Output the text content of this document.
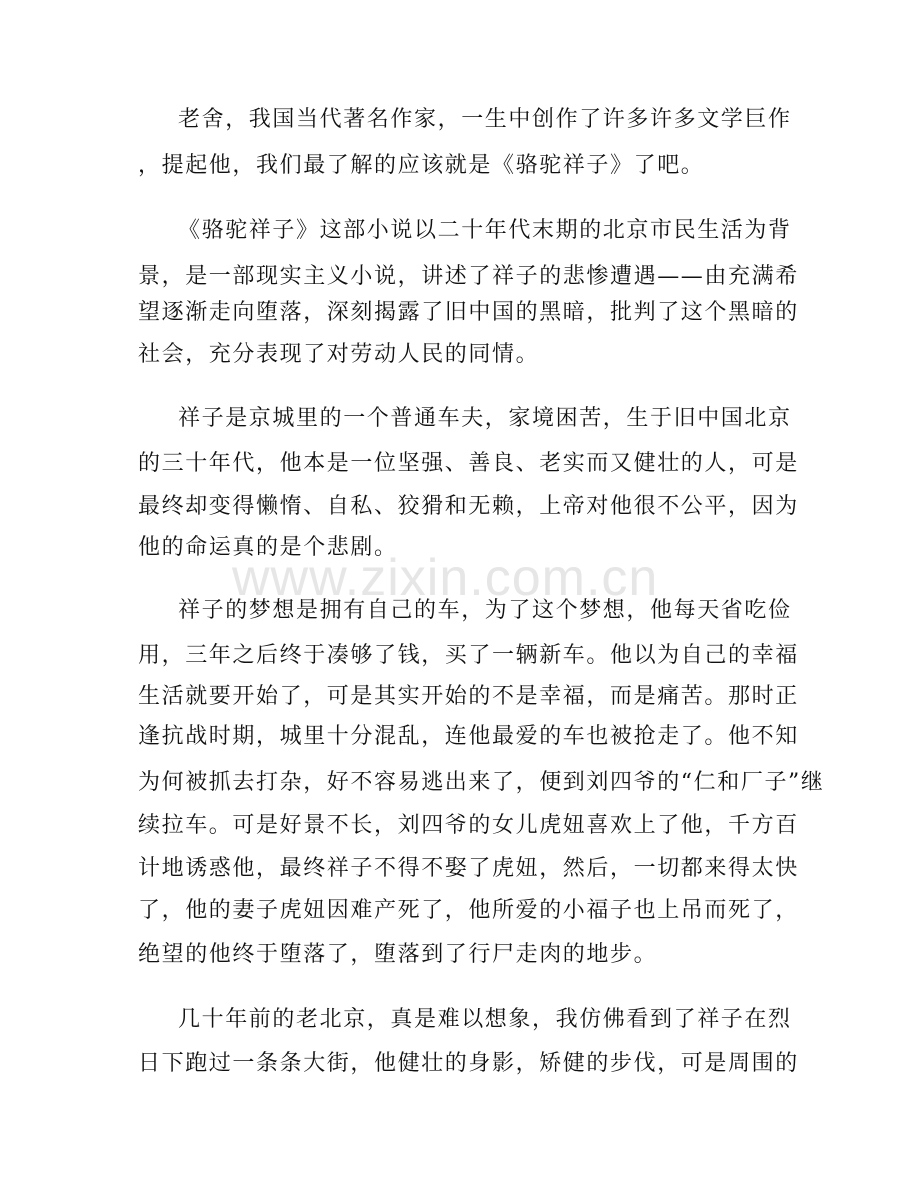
www.zixin.com.cn
老舍，我国当代著名作家，一生中创作了许多许多文学巨作
，提起他，我们最了解的应该就是《骆驼祥子》了吧。
《骆驼祥子》这部小说以二十年代末期的北京市民生活为背
景，是一部现实主义小说，讲述了祥子的悲惨遭遇——由充满希
望逐渐走向堕落，深刻揭露了旧中国的黑暗，批判了这个黑暗的
社会，充分表现了对劳动人民的同情。
祥子是京城里的一个普通车夫，家境困苦，生于旧中国北京
的三十年代，他本是一位坚强、善良、老实而又健壮的人，可是
最终却变得懒惰、自私、狡猾和无赖，上帝对他很不公平，因为
他的命运真的是个悲剧。
祥子的梦想是拥有自己的车，为了这个梦想，他每天省吃俭
用，三年之后终于凑够了钱，买了一辆新车。他以为自己的幸福
生活就要开始了，可是其实开始的不是幸福，而是痛苦。那时正
逢抗战时期，城里十分混乱，连他最爱的车也被抢走了。他不知
为何被抓去打杂，好不容易逃出来了，便到刘四爷的“仁和厂子”继
续拉车。可是好景不长，刘四爷的女儿虎妞喜欢上了他，千方百
计地诱惑他，最终祥子不得不娶了虎妞，然后，一切都来得太快
了，他的妻子虎妞因难产死了，他所爱的小福子也上吊而死了，
绝望的他终于堕落了，堕落到了行尸走肉的地步。
几十年前的老北京，真是难以想象，我仿佛看到了祥子在烈
日下跑过一条条大街，他健壮的身影，矫健的步伐，可是周围的
